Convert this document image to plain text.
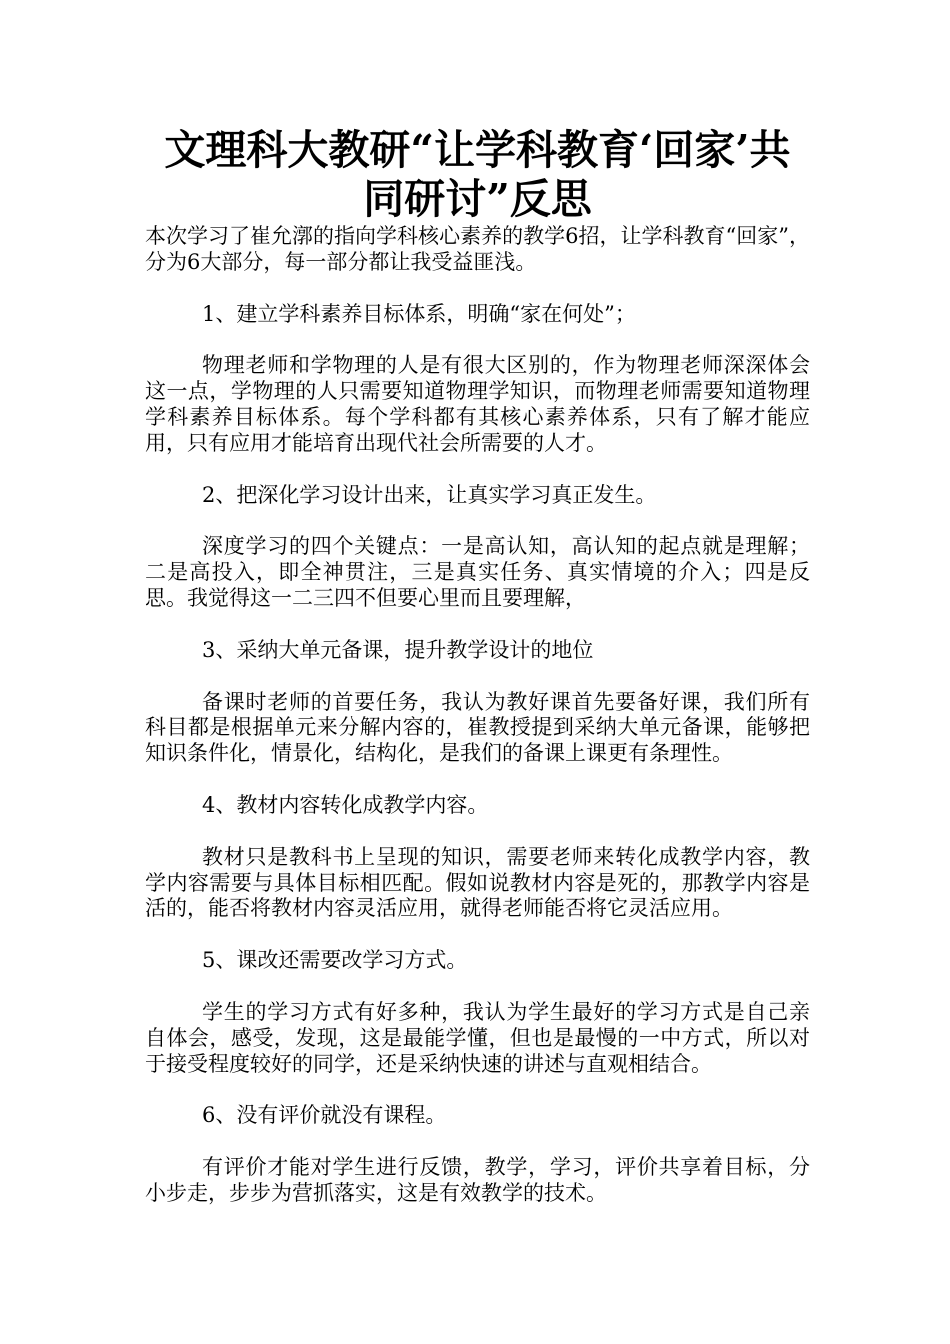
文理科大教研“让学科教育‘回家’共同研讨”反思

本次学习了崔允漷的指向学科核心素养的教学6招，让学科教育“回家”，分为6大部分，每一部分都让我受益匪浅。

1、建立学科素养目标体系，明确“家在何处”；

物理老师和学物理的人是有很大区别的，作为物理老师深深体会这一点，学物理的人只需要知道物理学知识，而物理老师需要知道物理学科素养目标体系。每个学科都有其核心素养体系，只有了解才能应用，只有应用才能培育出现代社会所需要的人才。

2、把深化学习设计出来，让真实学习真正发生。

深度学习的四个关键点：一是高认知，高认知的起点就是理解；二是高投入，即全神贯注，三是真实任务、真实情境的介入；四是反思。我觉得这一二三四不但要心里而且要理解，

3、采纳大单元备课，提升教学设计的地位

备课时老师的首要任务，我认为教好课首先要备好课，我们所有科目都是根据单元来分解内容的，崔教授提到采纳大单元备课，能够把知识条件化，情景化，结构化，是我们的备课上课更有条理性。

4、教材内容转化成教学内容。

教材只是教科书上呈现的知识，需要老师来转化成教学内容，教学内容需要与具体目标相匹配。假如说教材内容是死的，那教学内容是活的，能否将教材内容灵活应用，就得老师能否将它灵活应用。

5、课改还需要改学习方式。

学生的学习方式有好多种，我认为学生最好的学习方式是自己亲自体会，感受，发现，这是最能学懂，但也是最慢的一中方式，所以对于接受程度较好的同学，还是采纳快速的讲述与直观相结合。

6、没有评价就没有课程。

有评价才能对学生进行反馈，教学，学习，评价共享着目标，分小步走，步步为营抓落实，这是有效教学的技术。
